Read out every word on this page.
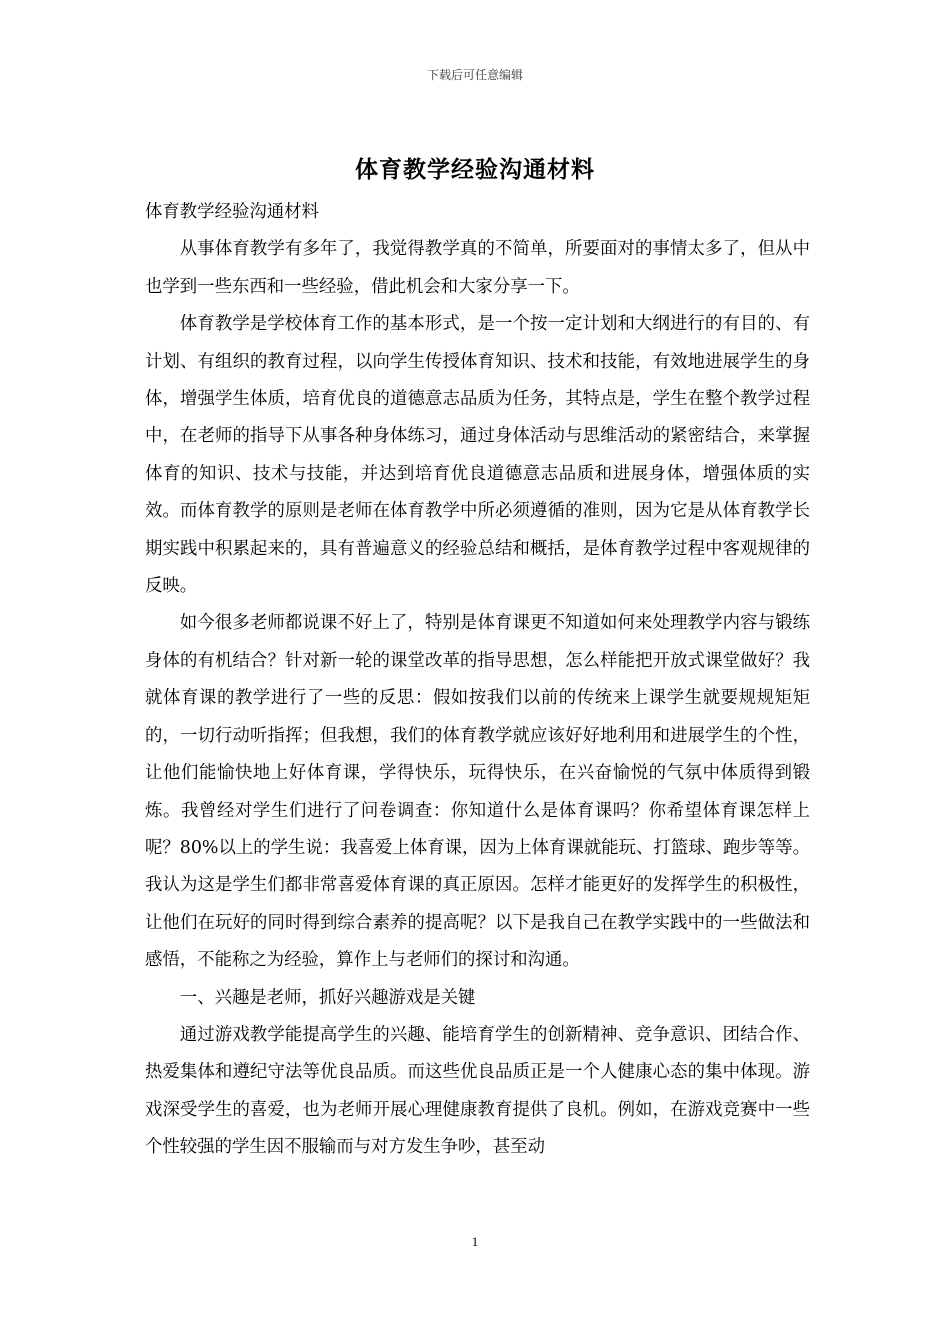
下载后可任意编辑
体育教学经验沟通材料

体育教学经验沟通材料

从事体育教学有多年了，我觉得教学真的不简单，所要面对的事情太多了，但从中也学到一些东西和一些经验，借此机会和大家分享一下。

体育教学是学校体育工作的基本形式，是一个按一定计划和大纲进行的有目的、有计划、有组织的教育过程，以向学生传授体育知识、技术和技能，有效地进展学生的身体，增强学生体质，培育优良的道德意志品质为任务，其特点是，学生在整个教学过程中，在老师的指导下从事各种身体练习，通过身体活动与思维活动的紧密结合，来掌握体育的知识、技术与技能，并达到培育优良道德意志品质和进展身体，增强体质的实效。而体育教学的原则是老师在体育教学中所必须遵循的准则，因为它是从体育教学长期实践中积累起来的，具有普遍意义的经验总结和概括，是体育教学过程中客观规律的反映。

如今很多老师都说课不好上了，特别是体育课更不知道如何来处理教学内容与锻练身体的有机结合？针对新一轮的课堂改革的指导思想，怎么样能把开放式课堂做好？我就体育课的教学进行了一些的反思：假如按我们以前的传统来上课学生就要规规矩矩的，一切行动听指挥；但我想，我们的体育教学就应该好好地利用和进展学生的个性，让他们能愉快地上好体育课，学得快乐，玩得快乐，在兴奋愉悦的气氛中体质得到锻炼。我曾经对学生们进行了问卷调查：你知道什么是体育课吗？你希望体育课怎样上呢？80%以上的学生说：我喜爱上体育课，因为上体育课就能玩、打篮球、跑步等等。我认为这是学生们都非常喜爱体育课的真正原因。怎样才能更好的发挥学生的积极性，让他们在玩好的同时得到综合素养的提高呢？以下是我自己在教学实践中的一些做法和感悟，不能称之为经验，算作上与老师们的探讨和沟通。

一、兴趣是老师，抓好兴趣游戏是关键

通过游戏教学能提高学生的兴趣、能培育学生的创新精神、竞争意识、团结合作、热爱集体和遵纪守法等优良品质。而这些优良品质正是一个人健康心态的集中体现。游戏深受学生的喜爱，也为老师开展心理健康教育提供了良机。例如，在游戏竞赛中一些个性较强的学生因不服输而与对方发生争吵，甚至动

1
